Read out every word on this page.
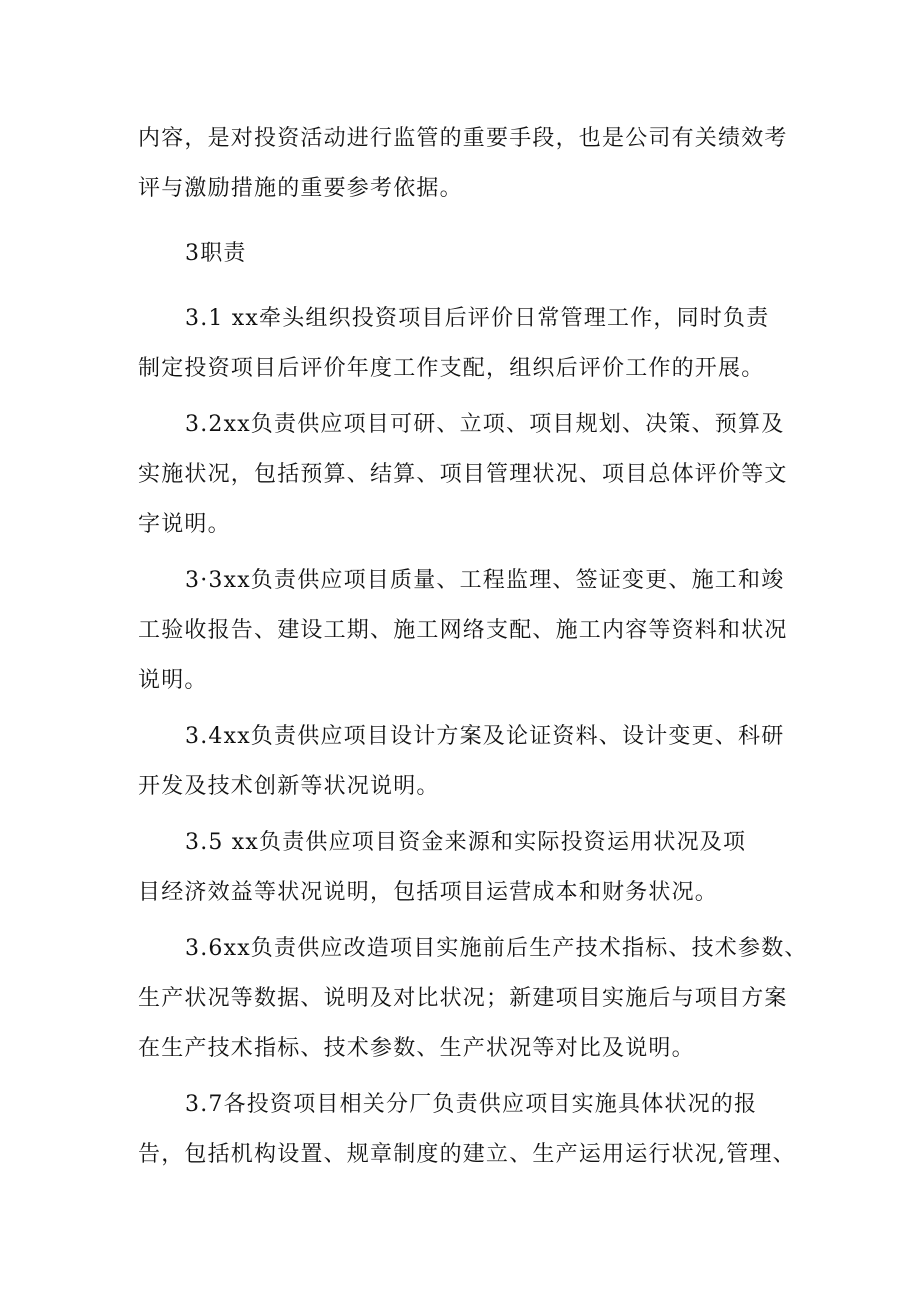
内容，是对投资活动进行监管的重要手段，也是公司有关绩效考
评与激励措施的重要参考依据。
3职责
3.1 xx牵头组织投资项目后评价日常管理工作，同时负责
制定投资项目后评价年度工作支配，组织后评价工作的开展。
3.2xx负责供应项目可研、立项、项目规划、决策、预算及
实施状况，包括预算、结算、项目管理状况、项目总体评价等文
字说明。
3·3xx负责供应项目质量、工程监理、签证变更、施工和竣
工验收报告、建设工期、施工网络支配、施工内容等资料和状况
说明。
3.4xx负责供应项目设计方案及论证资料、设计变更、科研
开发及技术创新等状况说明。
3.5 xx负责供应项目资金来源和实际投资运用状况及项
目经济效益等状况说明，包括项目运营成本和财务状况。
3.6xx负责供应改造项目实施前后生产技术指标、技术参数、
生产状况等数据、说明及对比状况；新建项目实施后与项目方案
在生产技术指标、技术参数、生产状况等对比及说明。
3.7各投资项目相关分厂负责供应项目实施具体状况的报
告，包括机构设置、规章制度的建立、生产运用运行状况,管理、
